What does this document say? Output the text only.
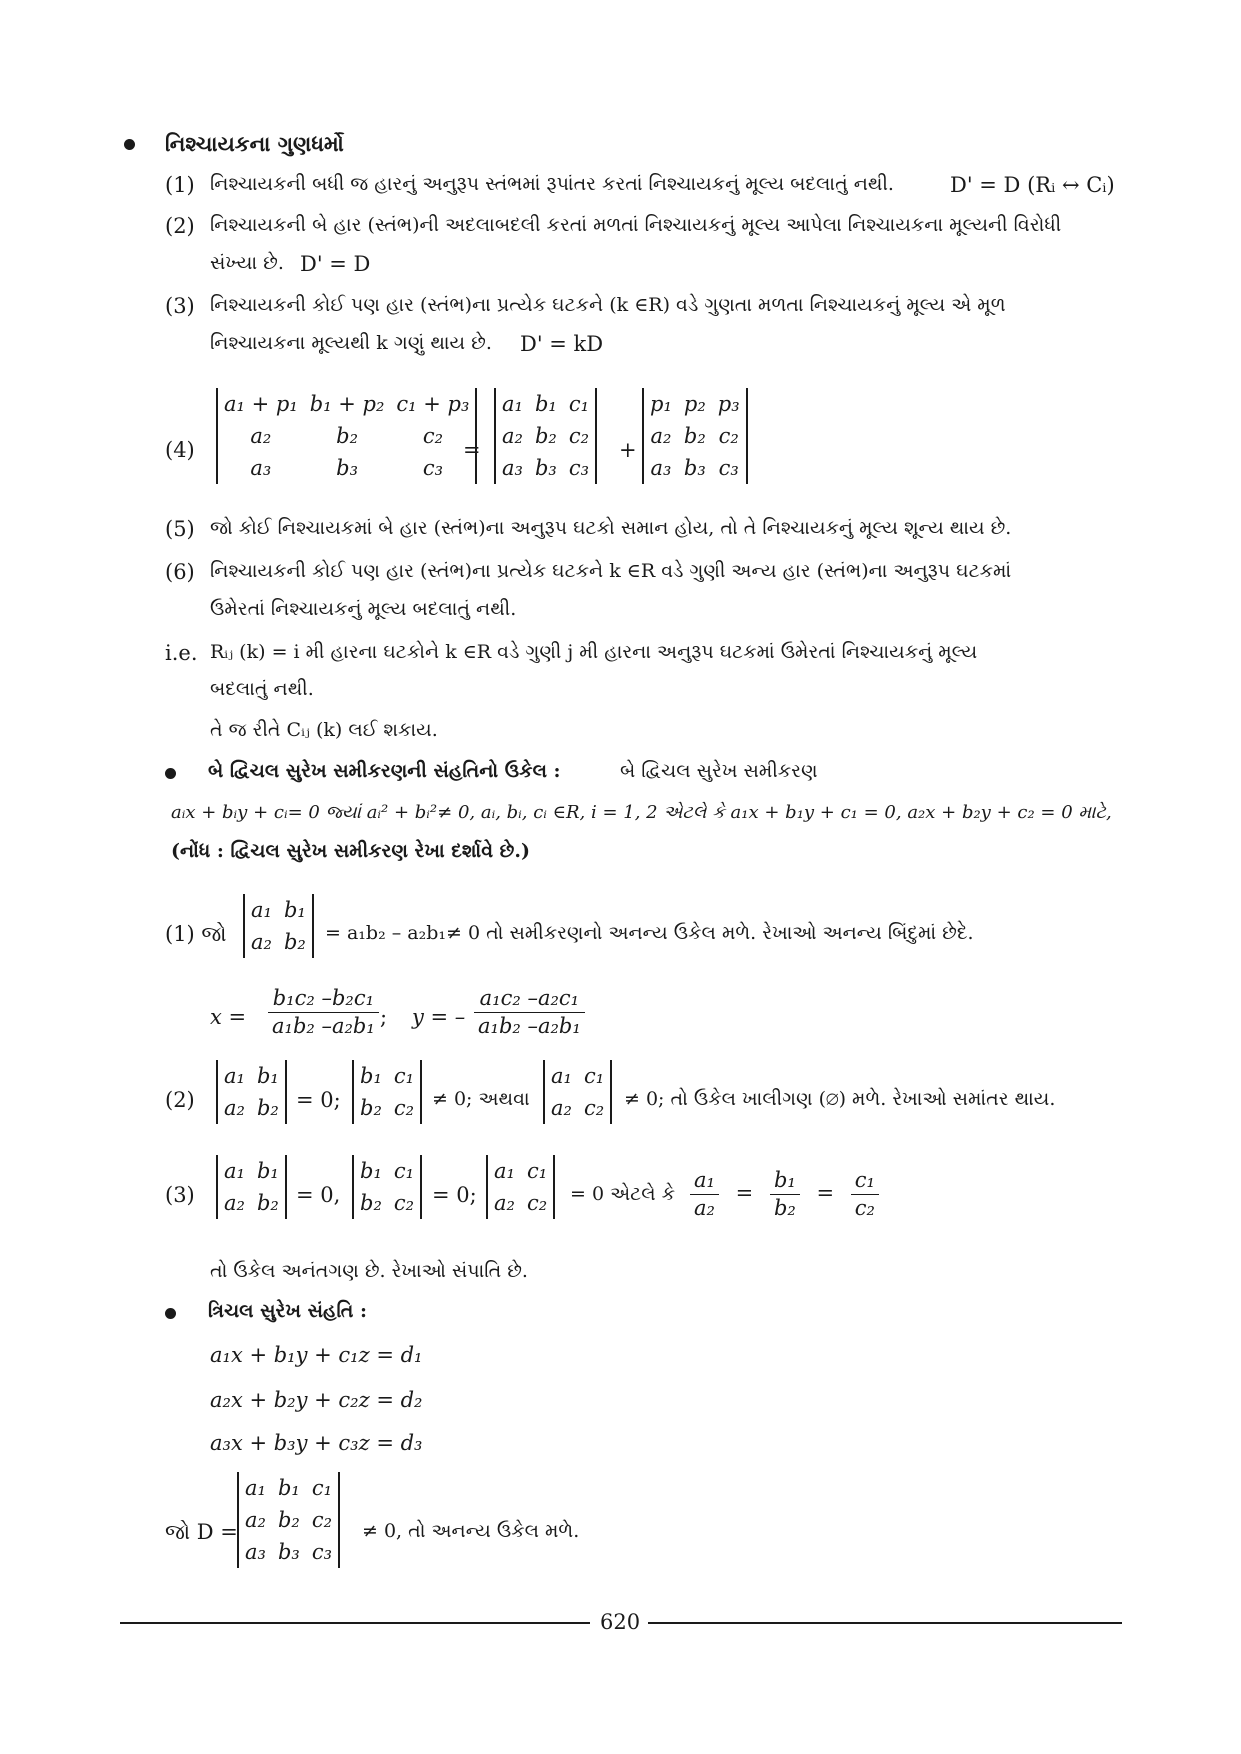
નિશ્ચાયકના ગુણધર્મો
(1) નિશ્ચાયકની બધી જ હારનું અનુરૂપ સ્તંભમાં રૂપાંતર કરતાં નિશ્ચાયકનું મૂલ્ય બદલાતું નથી.	D' = D (Rᵢ ↔ Cᵢ)
(2) નિશ્ચાયકની બે હાર (સ્તંભ)ની અદલાબદલી કરતાં મળતાં નિશ્ચાયકનું મૂલ્ય આપેલા નિશ્ચાયકના મૂલ્યની વિરોધી
સંખ્યા છે. D' = D
(3) નિશ્ચાયકની કોઈ પણ હાર (સ્તંભ)ના પ્રત્યેક ઘટકને (k ∈R) વડે ગુણતા મળતા નિશ્ચાયકનું મૂલ્ય એ મૂળ
નિશ્ચાયકના મૂલ્યથી k ગણું થાય છે. D' = kD
(4)
a₁ + p₁	b₁ + p₂	c₁ + p₃
a₂	b₂	c₂
a₃	b₃	c₃
=
a₁	b₁	c₁
a₂	b₂	c₂
a₃	b₃	c₃
+
p₁	p₂	p₃
a₂	b₂	c₂
a₃	b₃	c₃
(5) જો કોઈ નિશ્ચાયકમાં બે હાર (સ્તંભ)ના અનુરૂપ ઘટકો સમાન હોય, તો તે નિશ્ચાયકનું મૂલ્ય શૂન્ય થાય છે.
(6) નિશ્ચાયકની કોઈ પણ હાર (સ્તંભ)ના પ્રત્યેક ઘટકને k ∈R વડે ગુણી અન્ય હાર (સ્તંભ)ના અનુરૂપ ઘટકમાં
ઉમેરતાં નિશ્ચાયકનું મૂલ્ય બદલાતું નથી.
i.e. Rᵢⱼ (k) = i મી હારના ઘટકોને k ∈R વડે ગુણી j મી હારના અનુરૂપ ઘટકમાં ઉમેરતાં નિશ્ચાયકનું મૂલ્ય
બદલાતું નથી.
તે જ રીતે Cᵢⱼ (k) લઈ શકાય.
બે દ્વિચલ સુરેખ સમીકરણની સંહતિનો ઉકેલ :	બે દ્વિચલ સુરેખ સમીકરણ
aᵢx + bᵢy + cᵢ= 0 જ્યાં aᵢ² + bᵢ²≠ 0, aᵢ, bᵢ, cᵢ ∈R, i = 1, 2 એટલે કે a₁x + b₁y + c₁ = 0, a₂x + b₂y + c₂ = 0 માટે,
(નોંધ : દ્વિચલ સુરેખ સમીકરણ રેખા દર્શાવે છે.)
(1) જો
a₁	b₁
a₂	b₂ = a₁b₂ – a₂b₁≠ 0 તો સમીકરણનો અનન્ય ઉકેલ મળે. રેખાઓ અનન્ય બિંદુમાં છેદે.
$x = \frac{\text{b₁c₂ –b₂c₁}}{\text{a₁b₂ –a₂b₁}}$ ; y = – $\frac{\text{a₁c₂ –a₂c₁}}{\text{a₁b₂ –a₂b₁}}$
(2)
a₁	b₁
a₂	b₂ = 0;
b₁	c₁
b₂	c₂ ≠ 0; અથવા
a₁	c₁
a₂	c₂ ≠ 0; તો ઉકેલ ખાલીગણ (∅) મળે. રેખાઓ સમાંતર થાય.
(3)
a₁	b₁
a₂	b₂ = 0,
b₁	c₁
b₂	c₂ = 0;
a₁	c₁
a₂	c₂ = 0 એટલે કે $\frac{\text{a₁}}{\text{a₂}} = \frac{\text{b₁}}{\text{b₂}} = \frac{\text{c₁}}{\text{c₂}}$
તો ઉકેલ અનંતગણ છે. રેખાઓ સંપાતિ છે.
ત્રિચલ સુરેખ સંહતિ :
a₁x + b₁y + c₁z = d₁
a₂x + b₂y + c₂z = d₂
a₃x + b₃y + c₃z = d₃
જો D =
a₁	b₁	c₁
a₂	b₂	c₂
a₃	b₃	c₃
≠ 0, તો અનન્ય ઉકેલ મળે.
620
